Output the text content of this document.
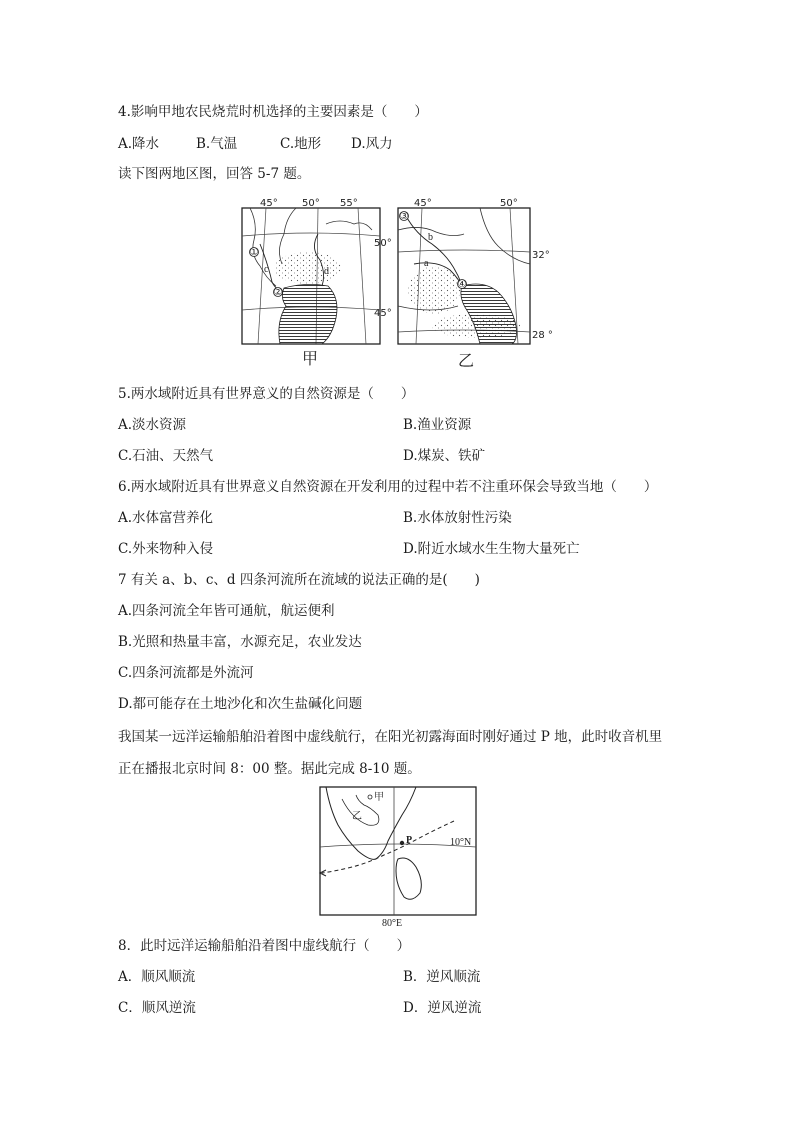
4.影响甲地农民烧荒时机选择的主要因素是（　　）
A.降水	B.气温	C.地形 D.风力
读下图两地区图，回答 5-7 题。
①
②
c	d
45° 50° 55°
50°
45°
甲
③
④
a
b
45°	50°
32°
28 °
乙
5.两水域附近具有世界意义的自然资源是（　　）
A.淡水资源	B.渔业资源
C.石油、天然气	D.煤炭、铁矿
6.两水域附近具有世界意义自然资源在开发利用的过程中若不注重环保会导致当地（　　）
A.水体富营养化	B.水体放射性污染
C.外来物种入侵	D.附近水域水生生物大量死亡
7 有关 a、b、c、d 四条河流所在流域的说法正确的是(　　)
A.四条河流全年皆可通航，航运便利
B.光照和热量丰富，水源充足，农业发达
C.四条河流都是外流河
D.都可能存在土地沙化和次生盐碱化问题
我国某一远洋运输船舶沿着图中虚线航行，在阳光初露海面时刚好通过 P 地，此时收音机里
正在播报北京时间 8：00 整。据此完成 8-10 题。
甲
乙
P	10°N
80°E
8．此时远洋运输船舶沿着图中虚线航行（　　）
A．顺风顺流	B．逆风顺流
C．顺风逆流	D．逆风逆流
